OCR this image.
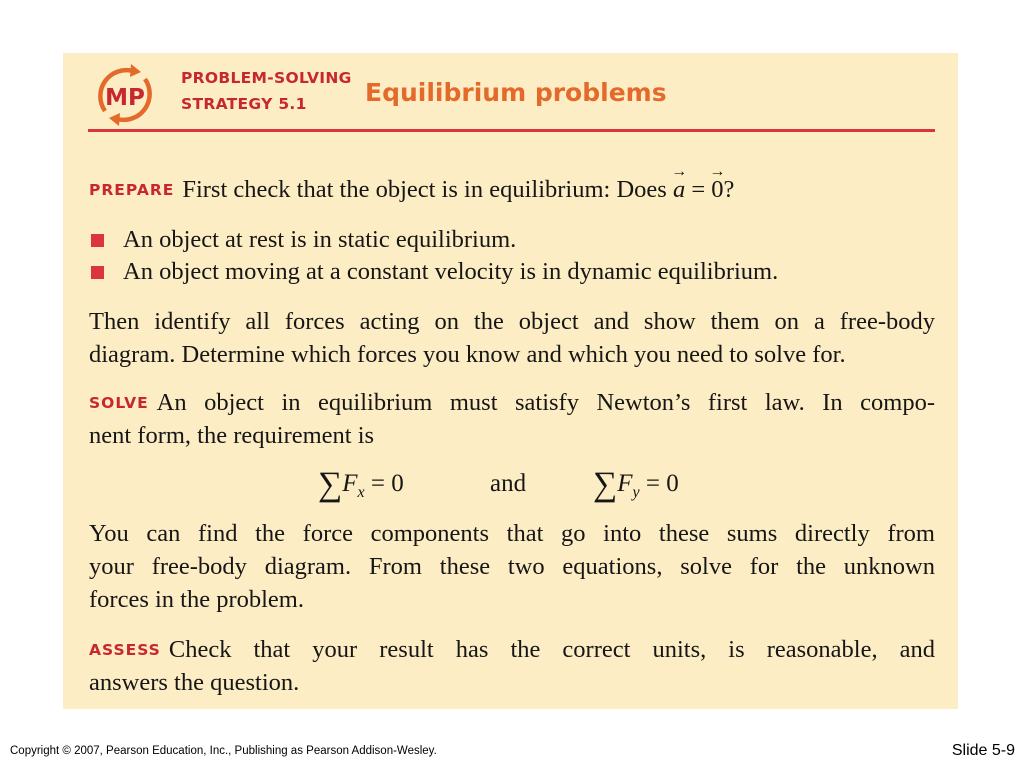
MP
PROBLEM-SOLVING
STRATEGY 5.1 Equilibrium problems
PREPARE First check that the object is in equilibrium: Does
→
a =
→
0?
An object at rest is in static equilibrium.
An object moving at a constant velocity is in dynamic equilibrium.
Then identify all forces acting on the object and show them on a free-body
diagram. Determine which forces you know and which you need to solve for.
SOLVE An object in equilibrium must satisfy Newton’s first law. In compo-
nent form, the requirement is
$\sum F_x = 0$	and $\sum F_y = 0$
You can find the force components that go into these sums directly from
your free-body diagram. From these two equations, solve for the unknown
forces in the problem.
ASSESS Check that your result has the correct units, is reasonable, and
answers the question.
Copyright © 2007, Pearson Education, Inc., Publishing as Pearson Addison-Wesley.	Slide 5-9
